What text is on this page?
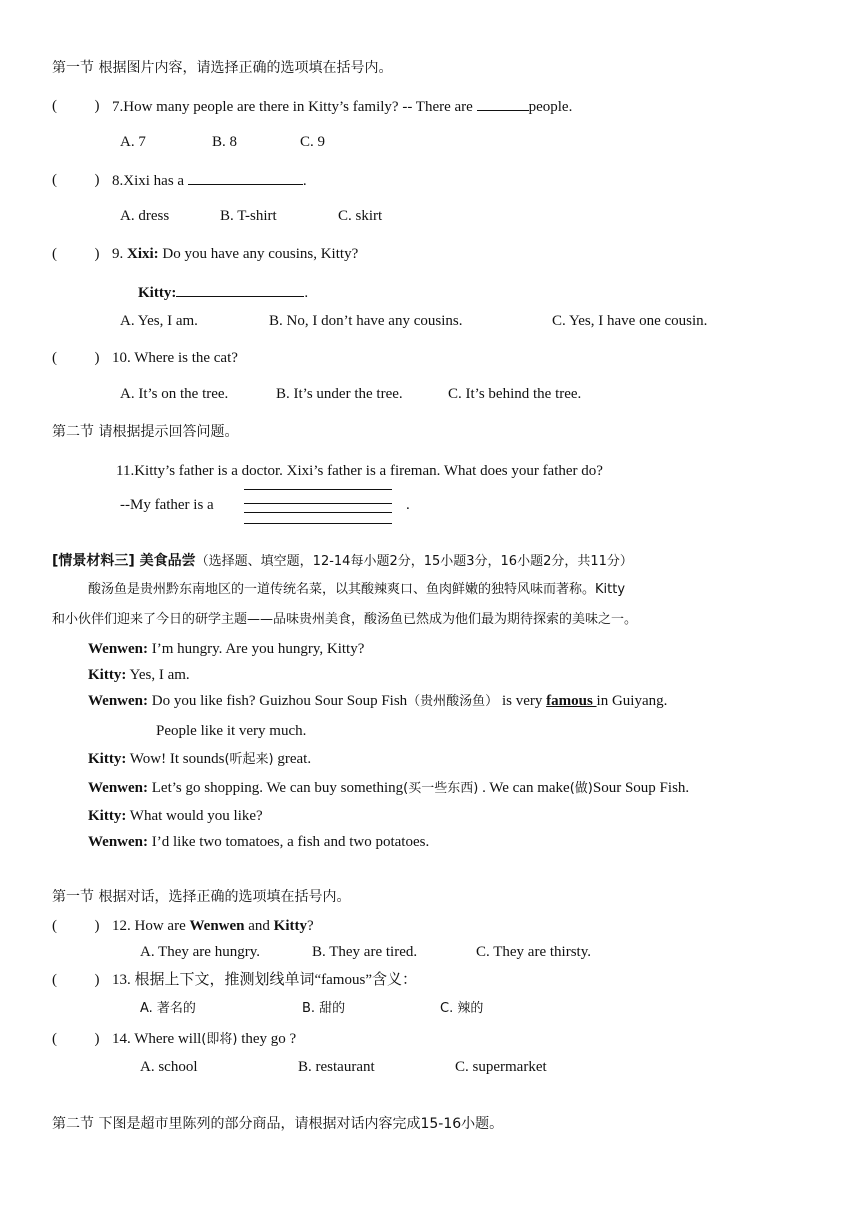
第一节 根据图片内容，请选择正确的选项填在括号内。
(          ) 7.How many people are there in Kitty’s family? -- There are	people.
A. 7	B. 8	C. 9
(          ) 8.Xixi has a	.
A. dress	B. T-shirt	C. skirt
(          ) 9. Xixi: Do you have any cousins, Kitty?
Kitty:	.
A. Yes, I am.	B. No, I don’t have any cousins.	C. Yes, I have one cousin.
(          ) 10. Where is the cat?
A. It’s on the tree.	B. It’s under the tree.	C. It’s behind the tree.
第二节 请根据提示回答问题。
11.Kitty’s father is a doctor. Xixi’s father is a fireman. What does your father do?
--My father is a	.
[情景材料三] 美食品尝（选择题、填空题，12-14每小题2分，15小题3分，16小题2分，共11分）
酸汤鱼是贵州黔东南地区的一道传统名菜，以其酸辣爽口、鱼肉鲜嫩的独特风味而著称。Kitty
和小伙伴们迎来了今日的研学主题——品味贵州美食，酸汤鱼已然成为他们最为期待探索的美味之一。
Wenwen: I’m hungry. Are you hungry, Kitty?
Kitty: Yes, I am.
Wenwen: Do you like fish? Guizhou Sour Soup Fish（贵州酸汤鱼） is very famous in Guiyang.
People like it very much.
Kitty: Wow! It sounds(听起来) great.
Wenwen: Let’s go shopping. We can buy something(买一些东西) . We can make(做)Sour Soup Fish.
Kitty: What would you like?
Wenwen: I’d like two tomatoes, a fish and two potatoes.
第一节 根据对话，选择正确的选项填在括号内。
(          ) 12. How are Wenwen and Kitty?
A. They are hungry.	B. They are tired.	C. They are thirsty.
(          ) 13. 根据上下文，推测划线单词“famous”含义：
A. 著名的	B. 甜的	C. 辣的
(          ) 14. Where will(即将) they go ?
A. school	B. restaurant	C. supermarket
第二节 下图是超市里陈列的部分商品，请根据对话内容完成15-16小题。
